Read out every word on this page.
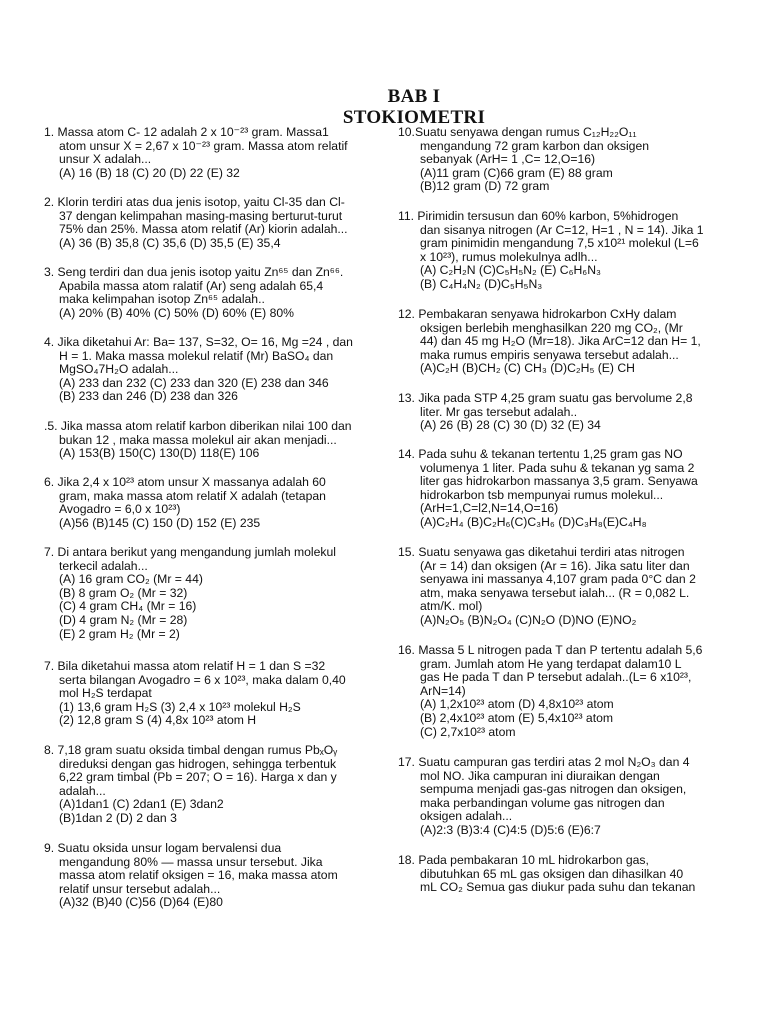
BAB I
STOKIOMETRI
1. Massa atom C- 12 adalah 2 x 10⁻²³ gram. Massa1
atom unsur X = 2,67 x 10⁻²³ gram. Massa atom relatif
unsur X adalah...
(A) 16 (B) 18 (C) 20 (D) 22 (E) 32
2. Klorin terdiri atas dua jenis isotop, yaitu Cl-35 dan Cl-
37 dengan kelimpahan masing-masing berturut-turut
75% dan 25%. Massa atom relatif (Ar) kiorin adalah...
(A) 36 (B) 35,8 (C) 35,6 (D) 35,5 (E) 35,4
3. Seng terdiri dan dua jenis isotop yaitu Zn⁶⁵ dan Zn⁶⁶.
Apabila massa atom ralatif (Ar) seng adalah 65,4
maka kelimpahan isotop Zn⁶⁵ adalah..
(A) 20% (B) 40% (C) 50% (D) 60% (E) 80%
4. Jika diketahui Ar: Ba= 137, S=32, O= 16, Mg =24 , dan
H = 1. Maka massa molekul relatif (Mr) BaSO₄ dan
MgSO₄7H₂O adalah...
(A) 233 dan 232 (C) 233 dan 320 (E) 238 dan 346
(B) 233 dan 246 (D) 238 dan 326
.5. Jika massa atom relatif karbon diberikan nilai 100 dan
bukan 12 , maka massa molekul air akan menjadi...
(A) 153(B) 150(C) 130(D) 118(E) 106
6. Jika 2,4 x 10²³ atom unsur X massanya adalah 60
gram, maka massa atom relatif X adalah (tetapan
Avogadro = 6,0 x 10²³)
(A)56 (B)145 (C) 150 (D) 152 (E) 235
7. Di antara berikut yang mengandung jumlah molekul
terkecil adalah...
(A) 16 gram CO₂ (Mr = 44)
(B) 8 gram O₂ (Mr = 32)
(C) 4 gram CH₄ (Mr = 16)
(D) 4 gram N₂ (Mr = 28)
(E) 2 gram H₂ (Mr = 2)
7. Bila diketahui massa atom relatif H = 1 dan S =32
serta bilangan Avogadro = 6 x 10²³, maka dalam 0,40
mol H₂S terdapat
(1) 13,6 gram H₂S (3) 2,4 x 10²³ molekul H₂S
(2) 12,8 gram S (4) 4,8x 10²³ atom H
8. 7,18 gram suatu oksida timbal dengan rumus PbₓOᵧ
direduksi dengan gas hidrogen, sehingga terbentuk
6,22 gram timbal (Pb = 207; O = 16). Harga x dan y
adalah...
(A)1dan1 (C) 2dan1 (E) 3dan2
(B)1dan 2 (D) 2 dan 3
9. Suatu oksida unsur logam bervalensi dua
mengandung 80% — massa unsur tersebut. Jika
massa atom relatif oksigen = 16, maka massa atom
relatif unsur tersebut adalah...
(A)32 (B)40 (C)56 (D)64 (E)80
10.Suatu senyawa dengan rumus C₁₂H₂₂O₁₁
mengandung 72 gram karbon dan oksigen
sebanyak (ArH= 1 ,C= 12,O=16)
(A)11 gram (C)66 gram (E) 88 gram
(B)12 gram (D) 72 gram
11. Pirimidin tersusun dan 60% karbon, 5%hidrogen
dan sisanya nitrogen (Ar C=12, H=1 , N = 14). Jika 1
gram pinimidin mengandung 7,5 x10²¹ molekul (L=6
x 10²³), rumus molekulnya adlh...
(A) C₂H₂N (C)C₅H₅N₂ (E) C₆H₆N₃
(B) C₄H₄N₂ (D)C₅H₅N₃
12. Pembakaran senyawa hidrokarbon CxHy dalam
oksigen berlebih menghasilkan 220 mg CO₂, (Mr
44) dan 45 mg H₂O (Mr=18). Jika ArC=12 dan H= 1,
maka rumus empiris senyawa tersebut adalah...
(A)C₂H (B)CH₂ (C) CH₃ (D)C₂H₅ (E) CH
13. Jika pada STP 4,25 gram suatu gas bervolume 2,8
liter. Mr gas tersebut adalah..
(A) 26 (B) 28 (C) 30 (D) 32 (E) 34
14. Pada suhu & tekanan tertentu 1,25 gram gas NO
volumenya 1 liter. Pada suhu & tekanan yg sama 2
liter gas hidrokarbon massanya 3,5 gram. Senyawa
hidrokarbon tsb mempunyai rumus molekul...
(ArH=1,C=l2,N=14,O=16)
(A)C₂H₄ (B)C₂H₆(C)C₃H₆ (D)C₃H₈(E)C₄H₈
15. Suatu senyawa gas diketahui terdiri atas nitrogen
(Ar = 14) dan oksigen (Ar = 16). Jika satu liter dan
senyawa ini massanya 4,107 gram pada 0°C dan 2
atm, maka senyawa tersebut ialah... (R = 0,082 L.
atm/K. mol)
(A)N₂O₅ (B)N₂O₄ (C)N₂O (D)NO (E)NO₂
16. Massa 5 L nitrogen pada T dan P tertentu adalah 5,6
gram. Jumlah atom He yang terdapat dalam10 L
gas He pada T dan P tersebut adalah..(L= 6 x10²³,
ArN=14)
(A) 1,2x10²³ atom (D) 4,8x10²³ atom
(B) 2,4x10²³ atom (E) 5,4x10²³ atom
(C) 2,7x10²³ atom
17. Suatu campuran gas terdiri atas 2 mol N₂O₃ dan 4
mol NO. Jika campuran ini diuraikan dengan
sempuma menjadi gas-gas nitrogen dan oksigen,
maka perbandingan volume gas nitrogen dan
oksigen adalah...
(A)2:3 (B)3:4 (C)4:5 (D)5:6 (E)6:7
18. Pada pembakaran 10 mL hidrokarbon gas,
dibutuhkan 65 mL gas oksigen dan dihasilkan 40
mL CO₂ Semua gas diukur pada suhu dan tekanan
